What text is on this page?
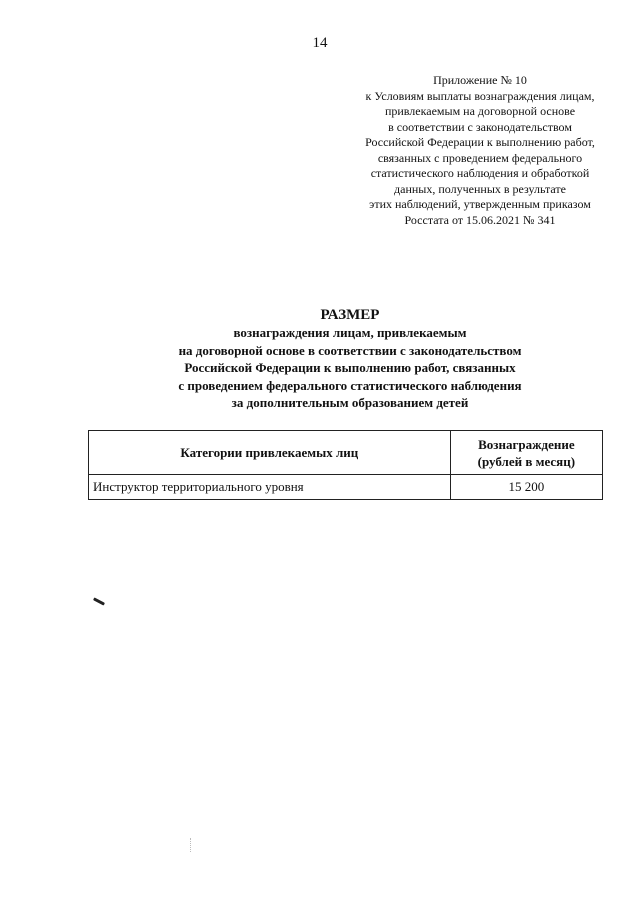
14
Приложение № 10
к Условиям выплаты вознаграждения лицам,
привлекаемым на договорной основе
в соответствии с законодательством
Российской Федерации к выполнению работ,
связанных с проведением федерального
статистического наблюдения и обработкой
данных, полученных в результате
этих наблюдений, утвержденным приказом
Росстата от 15.06.2021 № 341
РАЗМЕР
вознаграждения лицам, привлекаемым
на договорной основе в соответствии с законодательством
Российской Федерации к выполнению работ, связанных
с проведением федерального статистического наблюдения
за дополнительным образованием детей
Категории привлекаемых лиц	Вознаграждение
(рублей в месяц)

Инструктор территориального уровня	15 200
